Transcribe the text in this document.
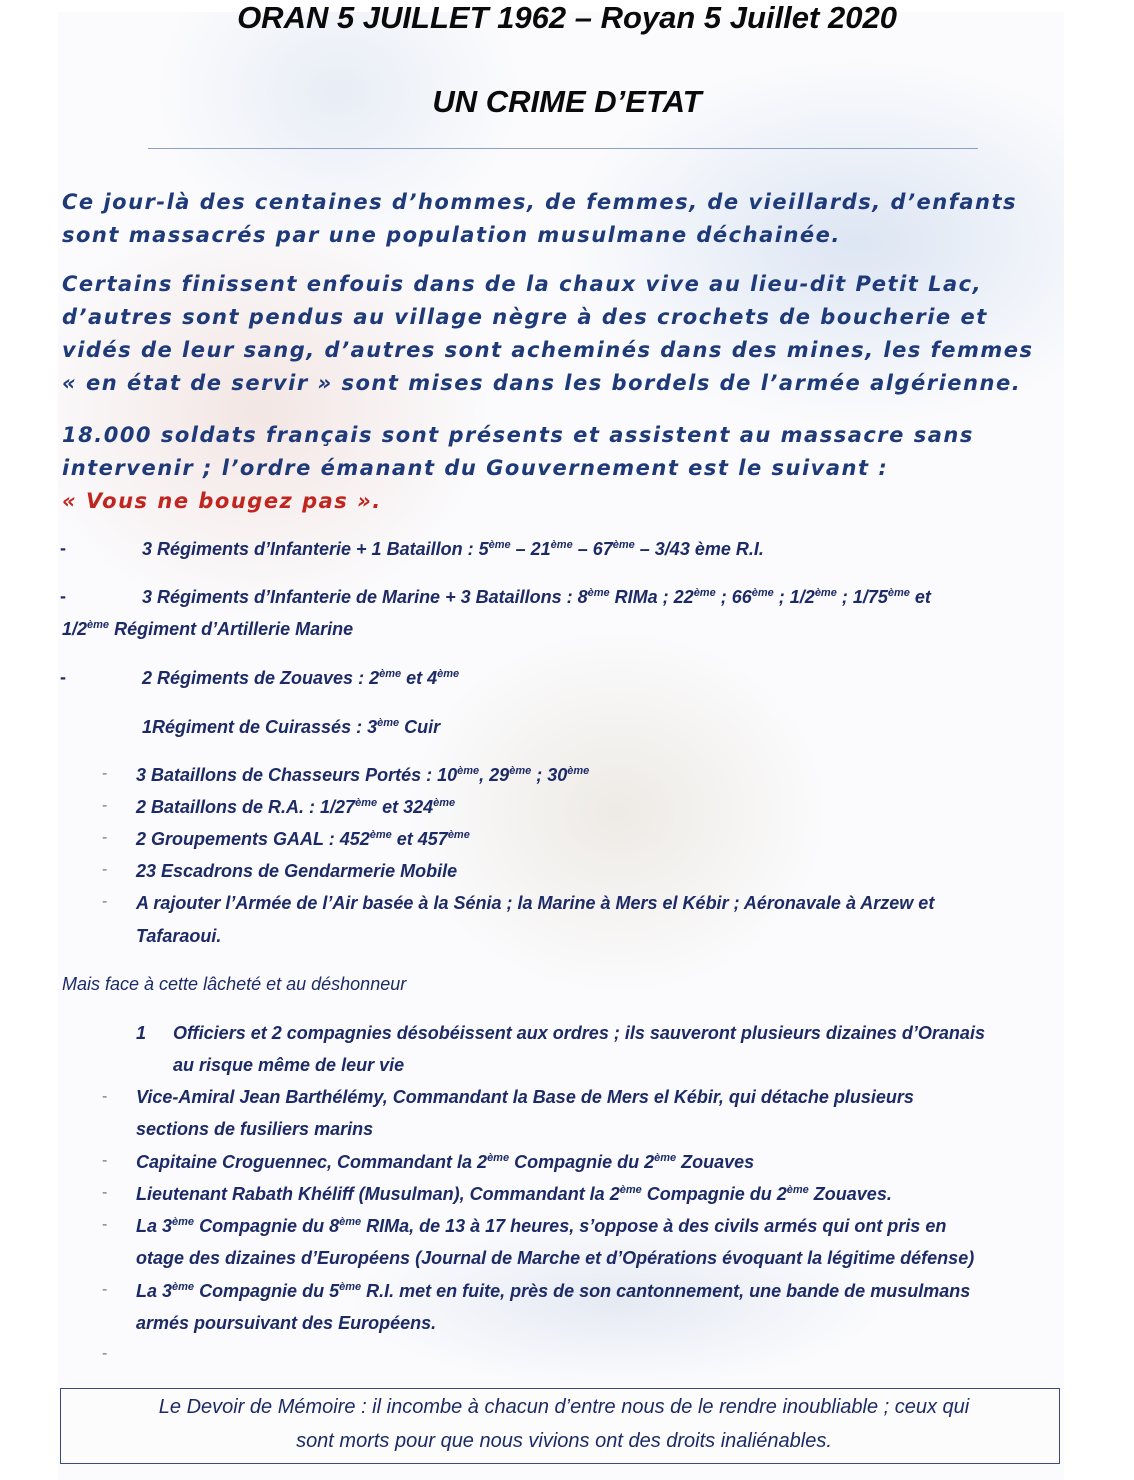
ORAN 5 JUILLET 1962 – Royan 5 Juillet 2020
UN CRIME D’ETAT

Ce jour-là des centaines d’hommes, de femmes, de vieillards, d’enfants sont massacrés par une population musulmane déchainée.

Certains finissent enfouis dans de la chaux vive au lieu-dit Petit Lac, d’autres sont pendus au village nègre à des crochets de boucherie et vidés de leur sang, d’autres sont acheminés dans des mines, les femmes « en état de servir » sont mises dans les bordels de l’armée algérienne.

18.000 soldats français sont présents et assistent au massacre sans intervenir ; l’ordre émanant du Gouvernement est le suivant :
« Vous ne bougez pas ».

-	3 Régiments d’Infanterie + 1 Bataillon : 5ème – 21ème – 67ème – 3/43 ème R.I.

-	3 Régiments d’Infanterie de Marine + 3 Bataillons : 8ème RIMa ; 22ème ; 66ème ; 1/2ème ; 1/75ème et

1/2ème Régiment d’Artillerie Marine

-	2 Régiments de Zouaves : 2ème et 4ème

1Régiment de Cuirassés : 3ème Cuir

- 3 Bataillons de Chasseurs Portés : 10ème, 29ème ; 30ème

- 2 Bataillons de R.A. : 1/27ème et 324ème

- 2 Groupements GAAL : 452ème et 457ème

- 23 Escadrons de Gendarmerie Mobile

- A rajouter l’Armée de l’Air basée à la Sénia ; la Marine à Mers el Kébir ; Aéronavale à Arzew et

Tafaraoui.

Mais face à cette lâcheté et au déshonneur

1 Officiers et 2 compagnies désobéissent aux ordres ; ils sauveront plusieurs dizaines d’Oranais

au risque même de leur vie

- Vice-Amiral Jean Barthélémy, Commandant la Base de Mers el Kébir, qui détache plusieurs

sections de fusiliers marins

- Capitaine Croguennec, Commandant la 2ème Compagnie du 2ème Zouaves

- Lieutenant Rabath Khéliff (Musulman), Commandant la 2ème Compagnie du 2ème Zouaves.

- La 3ème Compagnie du 8ème RIMa, de 13 à 17 heures, s’oppose à des civils armés qui ont pris en

otage des dizaines d’Européens (Journal de Marche et d’Opérations évoquant la légitime défense)

- La 3ème Compagnie du 5ème R.I. met en fuite, près de son cantonnement, une bande de musulmans

armés poursuivant des Européens.

-

Le Devoir de Mémoire : il incombe à chacun d’entre nous de le rendre inoubliable ; ceux qui
sont morts pour que nous vivions ont des droits inaliénables.
